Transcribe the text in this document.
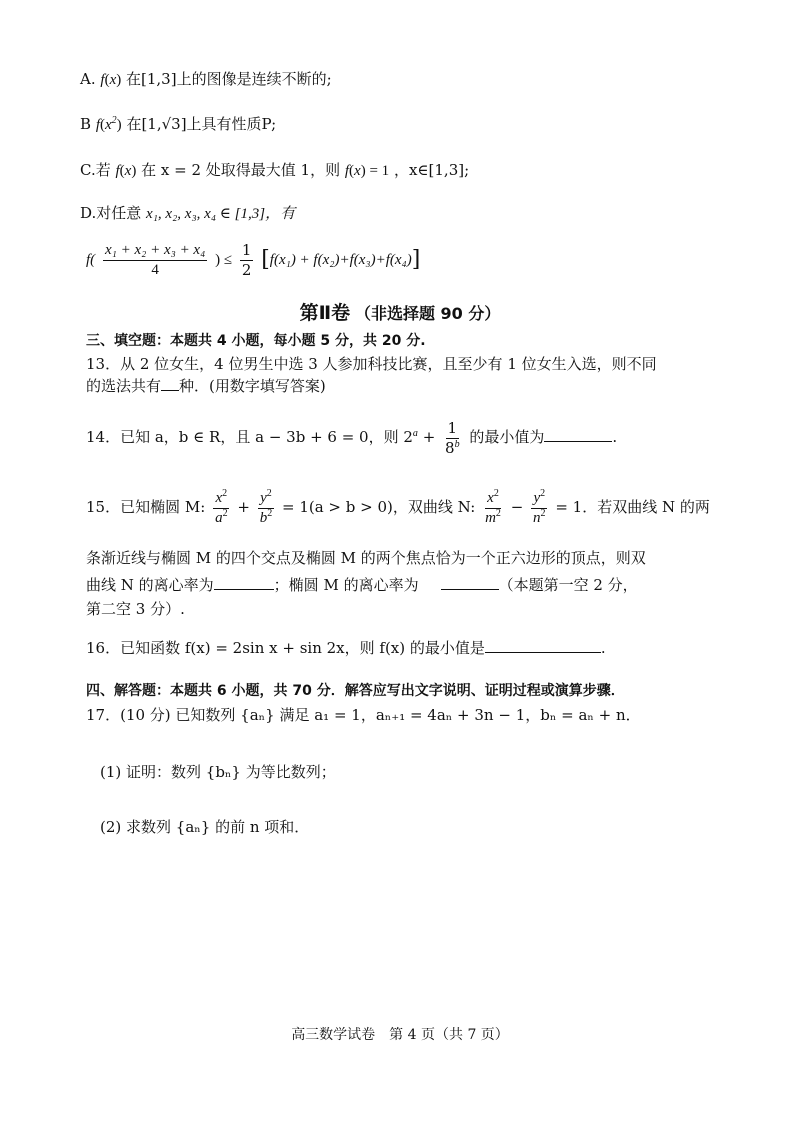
A. f(x) 在[1,3]上的图像是连续不断的;
B $f(x^2)$ 在[1,√3]上具有性质P;
C.若 f(x) 在 x = 2 处取得最大值 1，则 f(x) = 1 ，x∈[1,3];
D.对任意 x₁, x₂, x₃, x₄ ∈ [1,3]，有
$f( \frac{\text{x₁ + x₂ + x₃ + x₄}}{4}$ ) ≤ $\frac{1}{2} [f(x_1) + f(x_2)+f(x_3)+f(x_4)]$
第Ⅱ卷 （非选择题 90 分）
三、填空题：本题共 4 小题，每小题 5 分，共 20 分.
13．从 2 位女生，4 位男生中选 3 人参加科技比赛，且至少有 1 位女生入选，则不同
的选法共有 种．(用数字填写答案)
14．已知 a，b ∈ R，且 a − 3b + 6 = 0，则 $2^a + \frac{1}{8^b}$ 的最小值为	.
15．已知椭圆 M: $\frac{x^2}{a^2} + \frac{y^2}{b^2} = 1(a > b > 0)$，双曲线 N: $\frac{x^2}{m^2} - \frac{y^2}{n^2} = 1$．若双曲线 N 的两
条渐近线与椭圆 M 的四个交点及椭圆 M 的两个焦点恰为一个正六边形的顶点，则双
曲线 N 的离心率为	；椭圆 M 的离心率为	（本题第一空 2 分，
第二空 3 分）.
16．已知函数 f(x) = 2sin x + sin 2x，则 f(x) 的最小值是	.
四、解答题：本题共 6 小题，共 70 分．解答应写出文字说明、证明过程或演算步骤．
17．(10 分) 已知数列 {aₙ} 满足 a₁ = 1，aₙ₊₁ = 4aₙ + 3n − 1，bₙ = aₙ + n．
(1) 证明：数列 {bₙ} 为等比数列；
(2) 求数列 {aₙ} 的前 n 项和．
高三数学试卷　第 4 页（共 7 页）
